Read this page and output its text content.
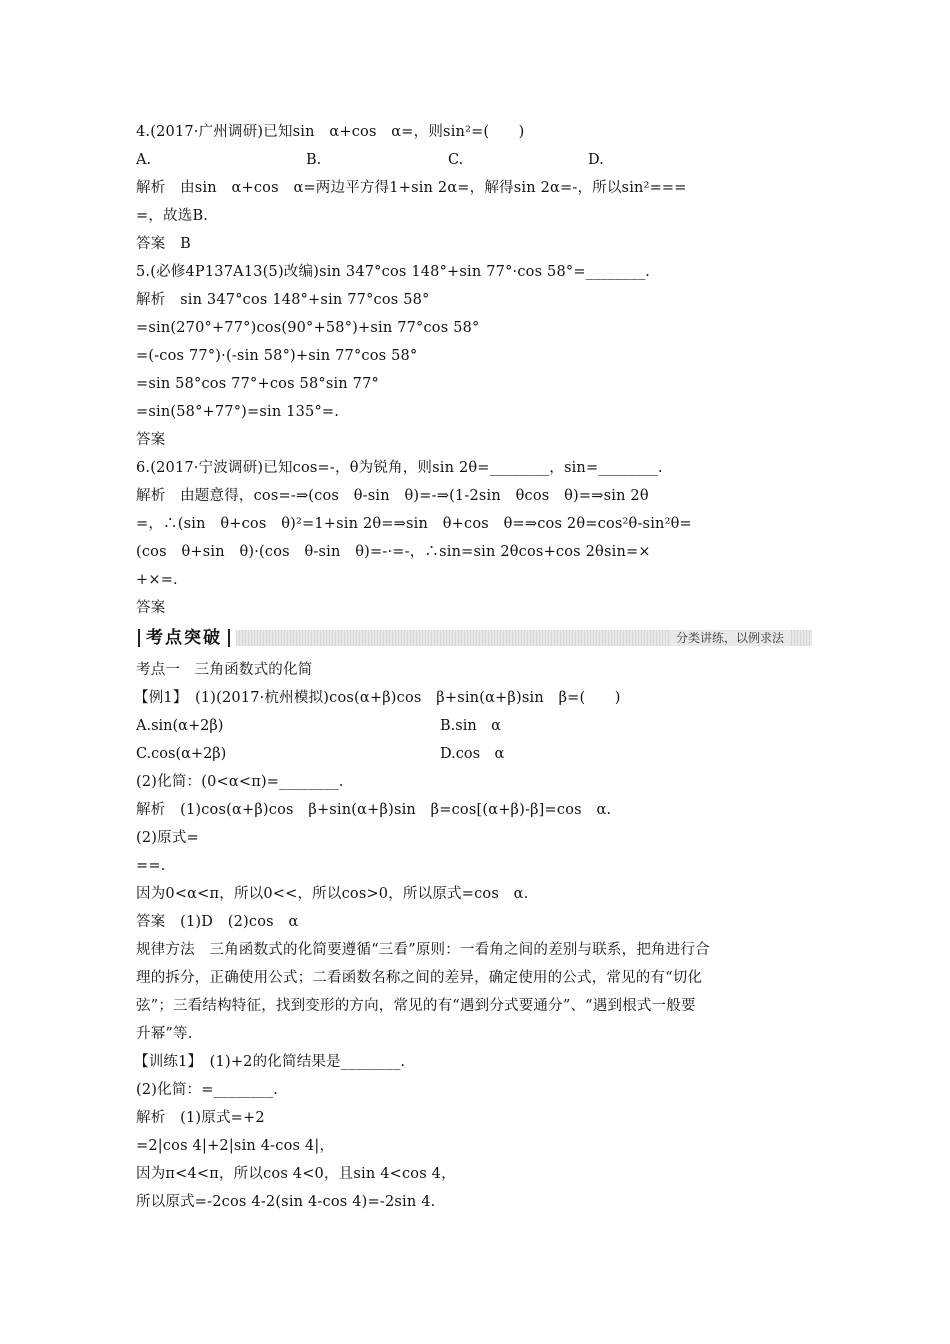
4.(2017·广州调研)已知sin　α+cos　α=，则sin²=(　　)
A.	B.	C.	D.
解析　由sin　α+cos　α=两边平方得1+sin 2α=，解得sin 2α=-，所以sin²===
=，故选B.
答案　B
5.(必修4P137A13(5)改编)sin 347°cos 148°+sin 77°·cos 58°=________.
解析　sin 347°cos 148°+sin 77°cos 58°
=sin(270°+77°)cos(90°+58°)+sin 77°cos 58°
=(-cos 77°)·(-sin 58°)+sin 77°cos 58°
=sin 58°cos 77°+cos 58°sin 77°
=sin(58°+77°)=sin 135°=.
答案
6.(2017·宁波调研)已知cos=-，θ为锐角，则sin 2θ=________，sin=________.
解析　由题意得，cos=-⇒(cos　θ-sin　θ)=-⇒(1-2sin　θcos　θ)=⇒sin 2θ
=，∴(sin　θ+cos　θ)²=1+sin 2θ=⇒sin　θ+cos　θ=⇒cos 2θ=cos²θ-sin²θ=
(cos　θ+sin　θ)·(cos　θ-sin　θ)=-·=-，∴sin=sin 2θcos+cos 2θsin=×
+×=.
答案
考点突破	分类讲练，以例求法
考点一　三角函数式的化简
【例1】　(1)(2017·杭州模拟)cos(α+β)cos　β+sin(α+β)sin　β=(　　)
A.sin(α+2β)	B.sin　α
C.cos(α+2β)	D.cos　α
(2)化简：(0<α<π)=________.
解析　(1)cos(α+β)cos　β+sin(α+β)sin　β=cos[(α+β)-β]=cos　α.
(2)原式=
==.
因为0<α<π，所以0<<，所以cos>0，所以原式=cos　α.
答案　(1)D　(2)cos　α
规律方法　三角函数式的化简要遵循“三看”原则：一看角之间的差别与联系，把角进行合
理的拆分，正确使用公式；二看函数名称之间的差异，确定使用的公式，常见的有“切化
弦”；三看结构特征，找到变形的方向，常见的有“遇到分式要通分”、“遇到根式一般要
升幂”等.
【训练1】　(1)+2的化简结果是________.
(2)化简：=________.
解析　(1)原式=+2
=2|cos 4|+2|sin 4-cos 4|，
因为π<4<π，所以cos 4<0，且sin 4<cos 4，
所以原式=-2cos 4-2(sin 4-cos 4)=-2sin 4.
